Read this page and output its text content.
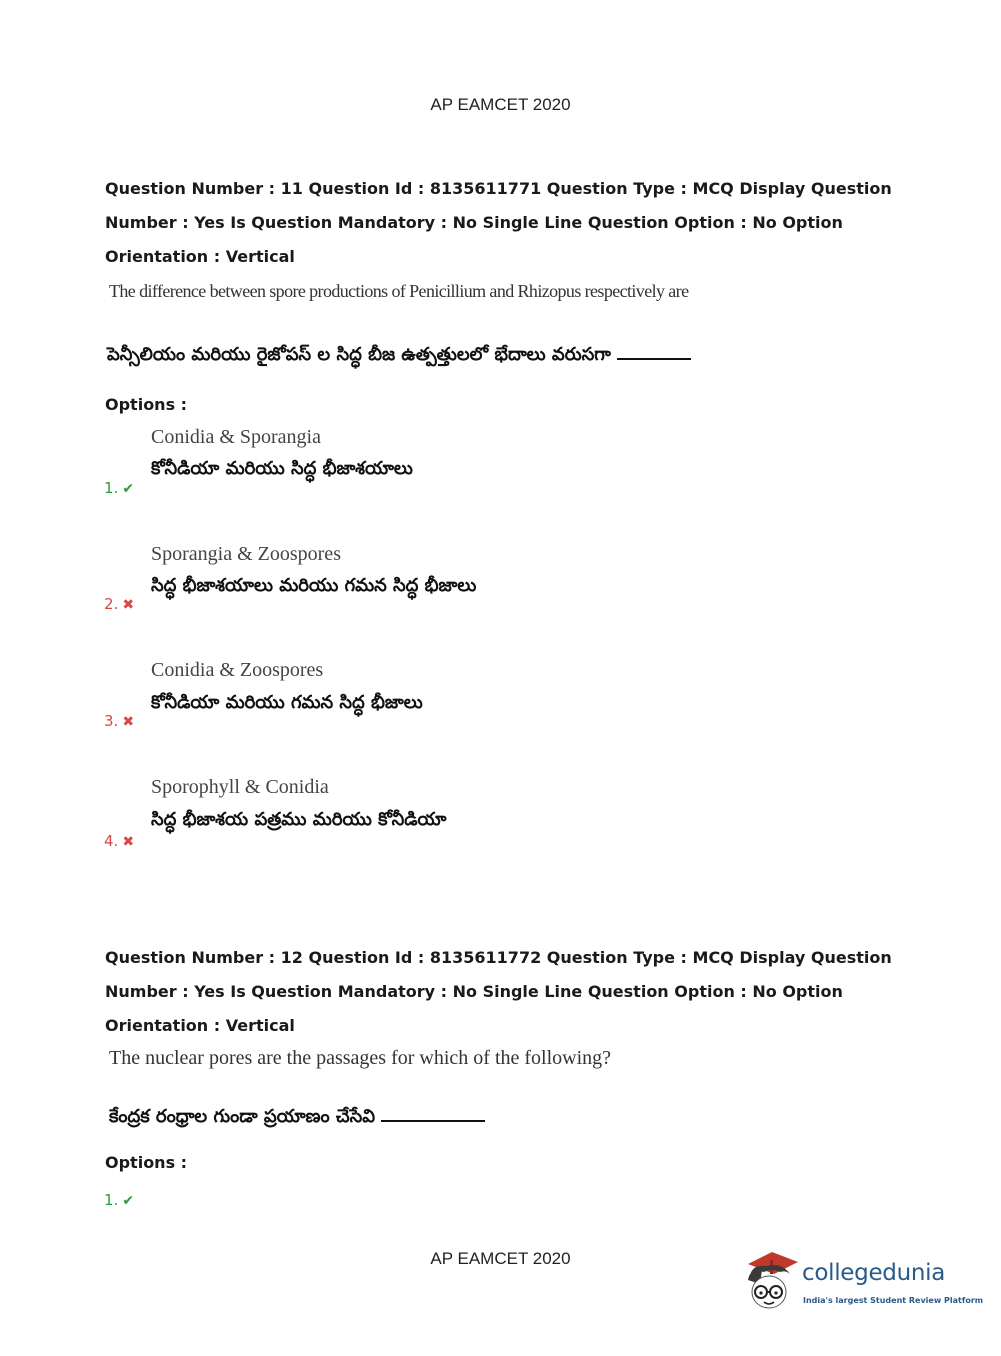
AP EAMCET 2020
Question Number : 11 Question Id : 8135611771 Question Type : MCQ Display Question
Number : Yes Is Question Mandatory : No Single Line Question Option : No Option
Orientation : Vertical
The difference between spore productions of Penicillium and Rhizopus respectively are
పెన్సీలియం మరియు రైజోపస్ ల సిద్ధ బీజ ఉత్పత్తులలో భేదాలు వరుసగా
Options :
Conidia & Sporangia
కోనీడియా మరియు సిద్ధ భీజాశయాలు
1. ✔
Sporangia & Zoospores
సిద్ధ భీజాశయాలు మరియు గమన సిద్ధ భీజాలు
2. ✖
Conidia & Zoospores
కోనీడియా మరియు గమన సిద్ధ భీజాలు
3. ✖
Sporophyll & Conidia
సిద్ధ భీజాశయ పత్రము మరియు కోనీడియా
4. ✖
Question Number : 12 Question Id : 8135611772 Question Type : MCQ Display Question
Number : Yes Is Question Mandatory : No Single Line Question Option : No Option
Orientation : Vertical
The nuclear pores are the passages for which of the following?
కేంద్రక రంధ్రాల గుండా ప్రయాణం చేసేవి
Options :
1. ✔
AP EAMCET 2020
collegedunia
India's largest Student Review Platform
